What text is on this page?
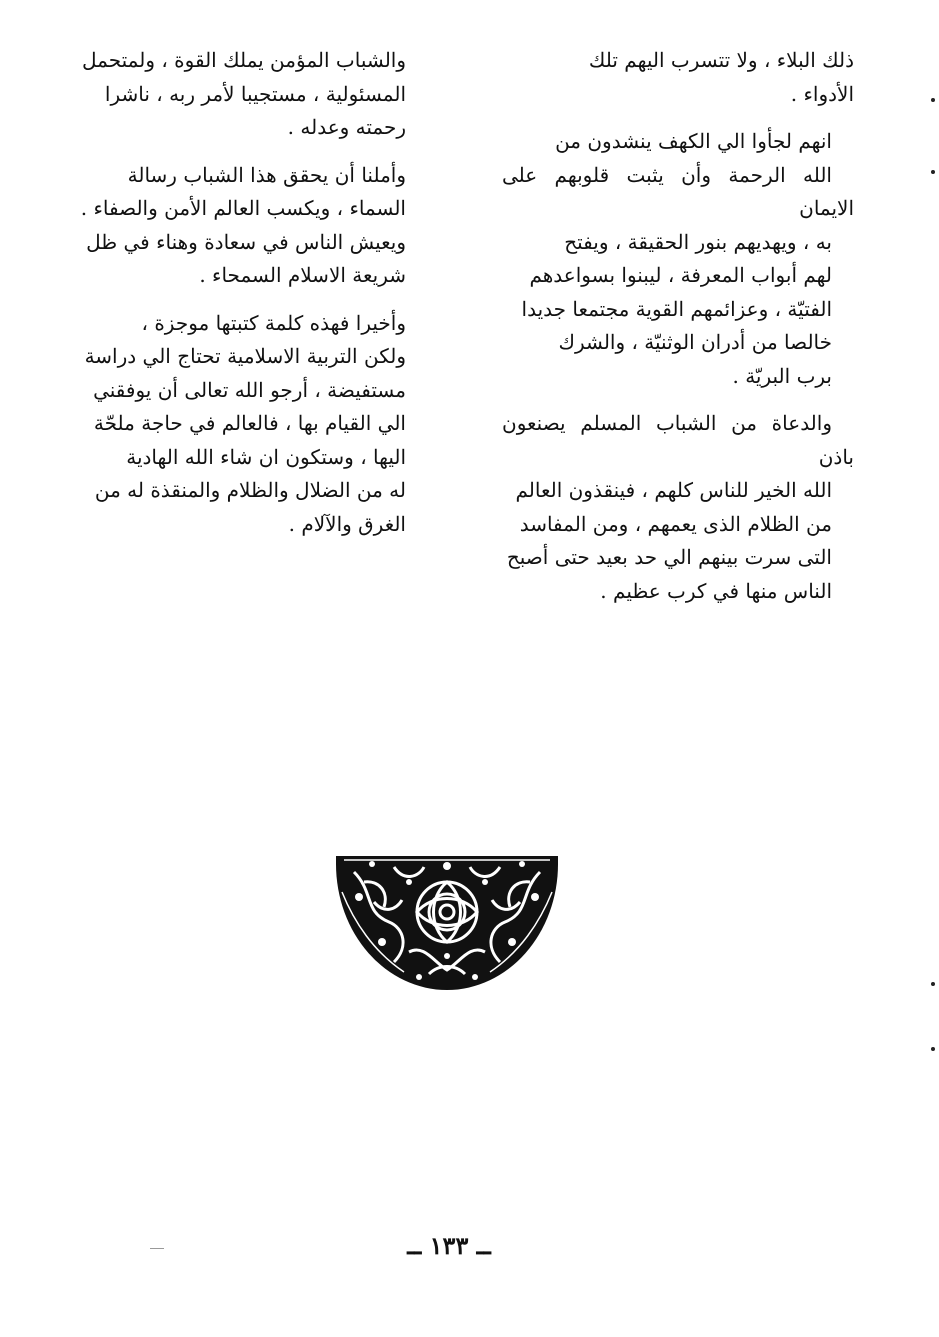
ذلك البلاء ، ولا تتسرب اليهم تلك
الأدواء .

انهم لجأوا الي الكهف ينشدون من
الله الرحمة وأن يثبت قلوبهم على الايمان
به ، ويهديهم بنور الحقيقة ، ويفتح
لهم أبواب المعرفة ، ليبنوا بسواعدهم
الفتيّة ، وعزائمهم القوية مجتمعا جديدا
خالصا من أدران الوثنيّة ، والشرك
برب البريّة .

والدعاة من الشباب المسلم يصنعون باذن
الله الخير للناس كلهم ، فينقذون العالم
من الظلام الذى يعمهم ، ومن المفاسد
التى سرت بينهم الي حد بعيد حتى أصبح
الناس منها في كرب عظيم .

والشباب المؤمن يملك القوة ، ولمتحمل
المسئولية ، مستجيبا لأمر ربه ، ناشرا
رحمته وعدله .

وأملنا أن يحقق هذا الشباب رسالة
السماء ، ويكسب العالم الأمن والصفاء .
ويعيش الناس في سعادة وهناء في ظل
شريعة الاسلام السمحاء .

وأخيرا فهذه كلمة كتبتها موجزة ،
ولكن التربية الاسلامية تحتاج الي دراسة
مستفيضة ، أرجو الله تعالى أن يوفقني
الي القيام بها ، فالعالم في حاجة ملحّة
اليها ، وستكون ان شاء الله الهادية
له من الضلال والظلام والمنقذة له من
الغرق والآلام .

ــ ١٣٣ ــ
